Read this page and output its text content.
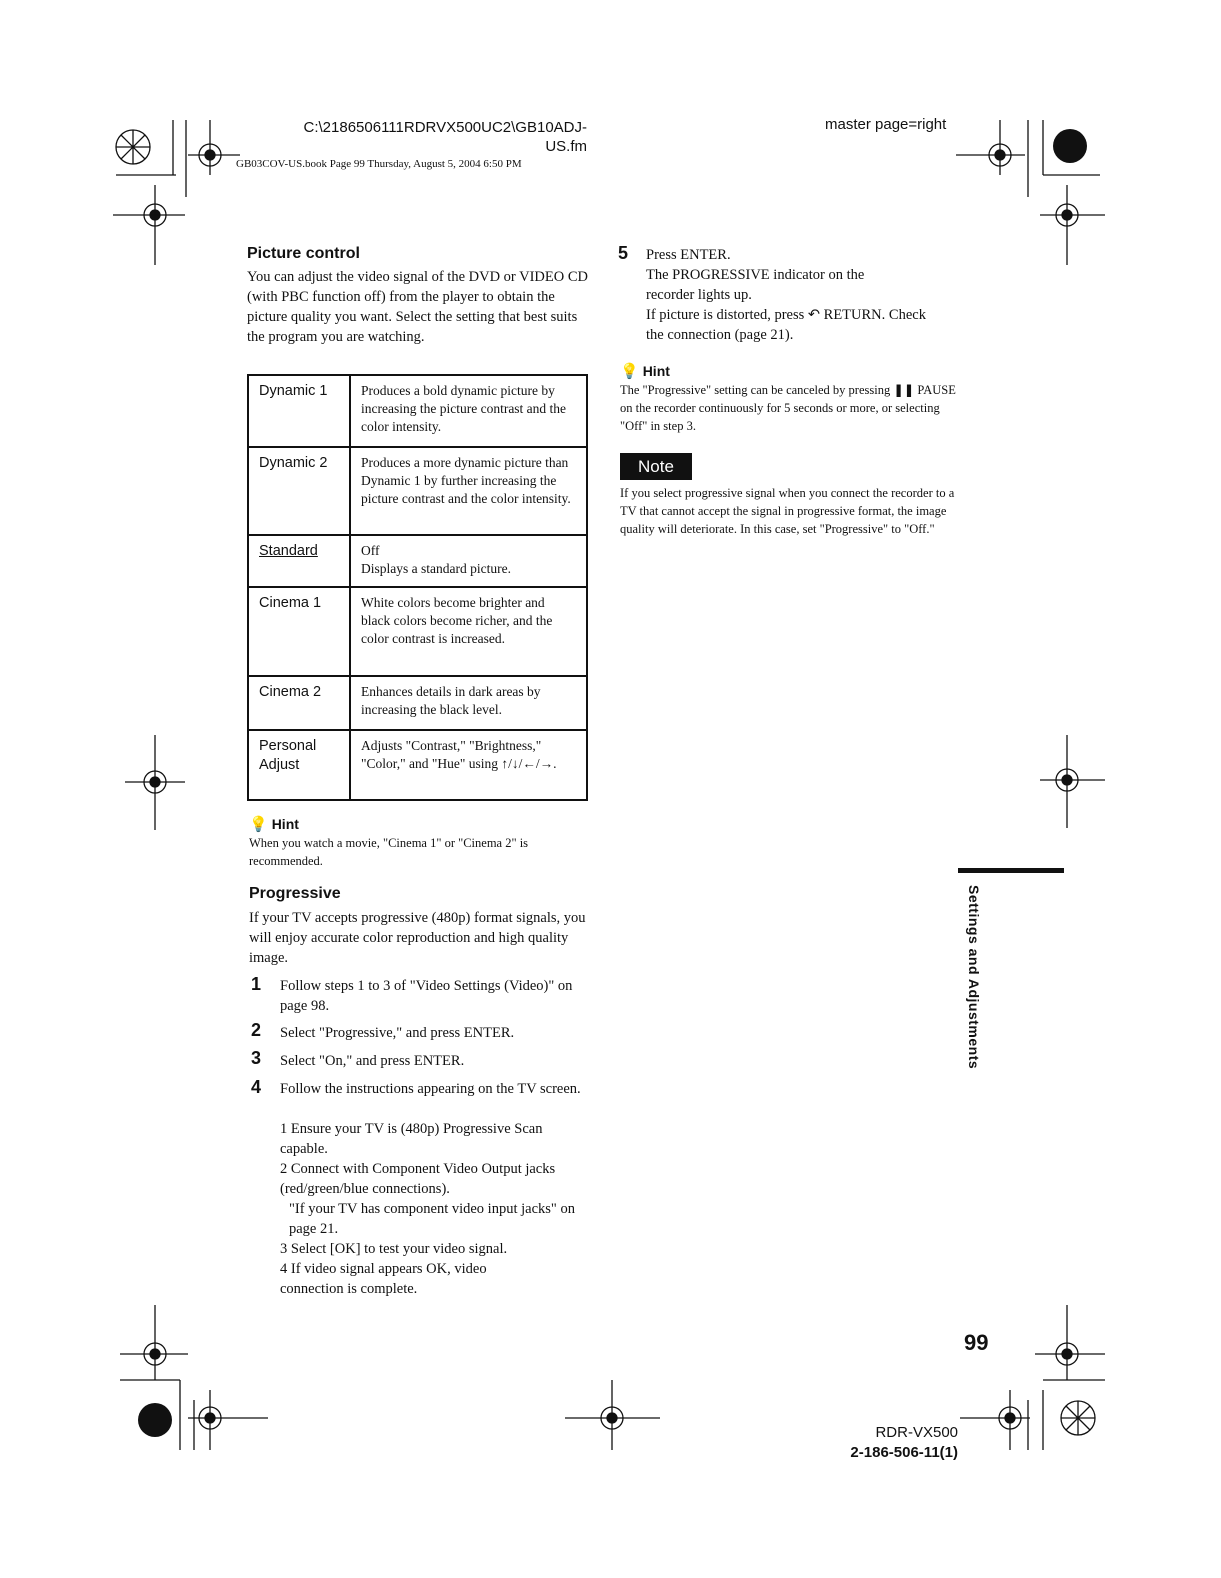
C:\2186506111RDRVX500UC2\GB10ADJ-
US.fm
GB03COV-US.book Page 99 Thursday, August 5, 2004 6:50 PM
master page=right
Picture control
You can adjust the video signal of the DVD or VIDEO CD (with PBC function off) from the player to obtain the picture quality you want. Select the setting that best suits the program you are watching.
Dynamic 1	Produces a bold dynamic picture by increasing the picture contrast and the color intensity.
Dynamic 2	Produces a more dynamic picture than Dynamic 1 by further increasing the picture contrast and the color intensity.
Standard	Off
Displays a standard picture.

Cinema 1	White colors become brighter and black colors become richer, and the color contrast is increased.
Cinema 2	Enhances details in dark areas by increasing the black level.
Personal Adjust	Adjusts "Contrast," "Brightness," "Color," and "Hue" using ↑/↓/←/→.
💡 Hint
When you watch a movie, "Cinema 1" or "Cinema 2" is recommended.
Progressive
If your TV accepts progressive (480p) format signals, you will enjoy accurate color reproduction and high quality image.
1 Follow steps 1 to 3 of "Video Settings (Video)" on page 98.
2 Select "Progressive," and press ENTER.
3 Select "On," and press ENTER.
4 Follow the instructions appearing on the TV screen.
1 Ensure your TV is (480p) Progressive Scan capable.
2 Connect with Component Video Output jacks (red/green/blue connections).
"If your TV has component video input jacks" on page 21.
3 Select [OK] to test your video signal.
4 If video signal appears OK, video connection is complete.
5 Press ENTER.
The PROGRESSIVE indicator on the recorder lights up.
If picture is distorted, press ↶ RETURN. Check the connection (page 21).
💡 Hint
The "Progressive" setting can be canceled by pressing ❚❚ PAUSE on the recorder continuously for 5 seconds or more, or selecting "Off" in step 3.
Note
If you select progressive signal when you connect the recorder to a TV that cannot accept the signal in progressive format, the image quality will deteriorate. In this case, set "Progressive" to "Off."
Settings and Adjustments
99
RDR-VX500
2-186-506-11(1)
